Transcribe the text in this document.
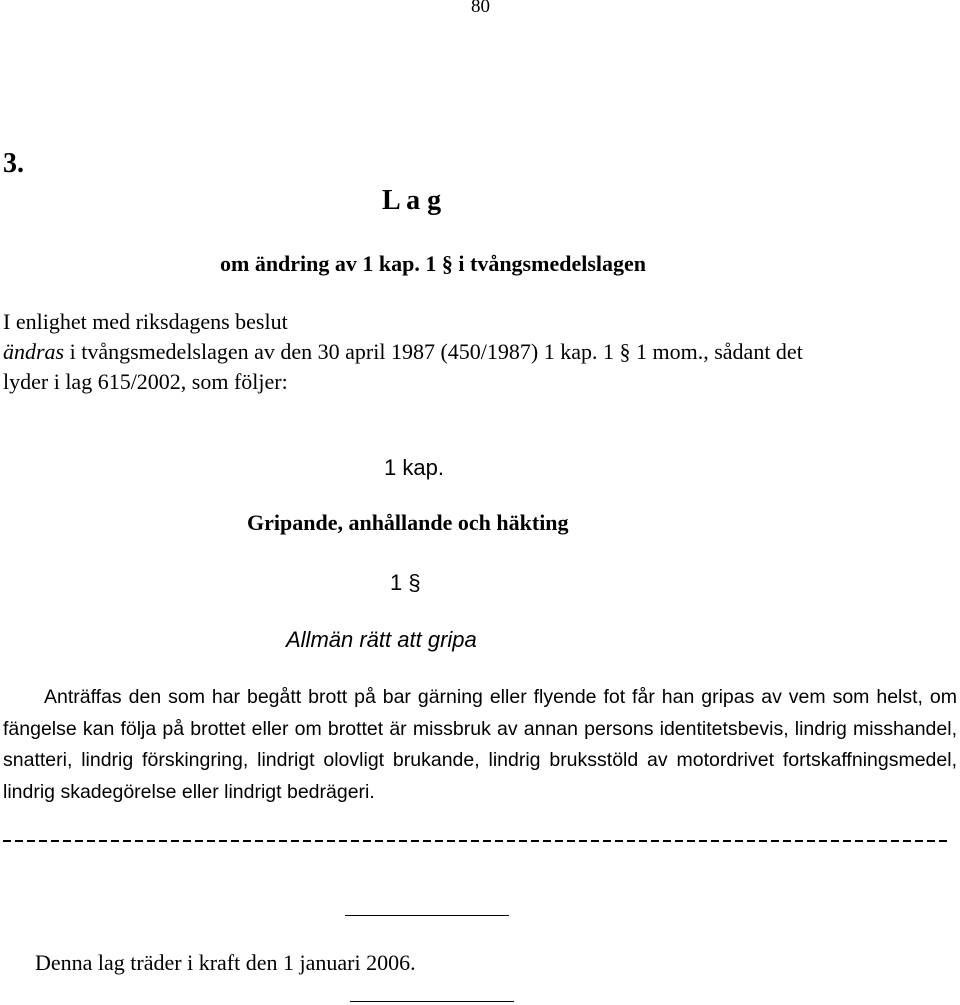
80
3.
L a g
om ändring av 1 kap. 1 § i tvångsmedelslagen
I enlighet med riksdagens beslut
ändras i tvångsmedelslagen av den 30 april 1987 (450/1987) 1 kap. 1 § 1 mom., sådant det
lyder i lag 615/2002, som följer:
1 kap.
Gripande, anhållande och häkting
1 §
Allmän rätt att gripa
Anträffas den som har begått brott på bar gärning eller flyende fot får han gripas av vem som helst, om fängelse kan följa på brottet eller om brottet är missbruk av annan persons identitetsbevis, lindrig misshandel, snatteri, lindrig förskingring, lindrigt olovligt brukande, lindrig bruksstöld av motordrivet fortskaffningsmedel, lindrig skadegörelse eller lindrigt bedrägeri.
Denna lag träder i kraft den 1 januari 2006.
